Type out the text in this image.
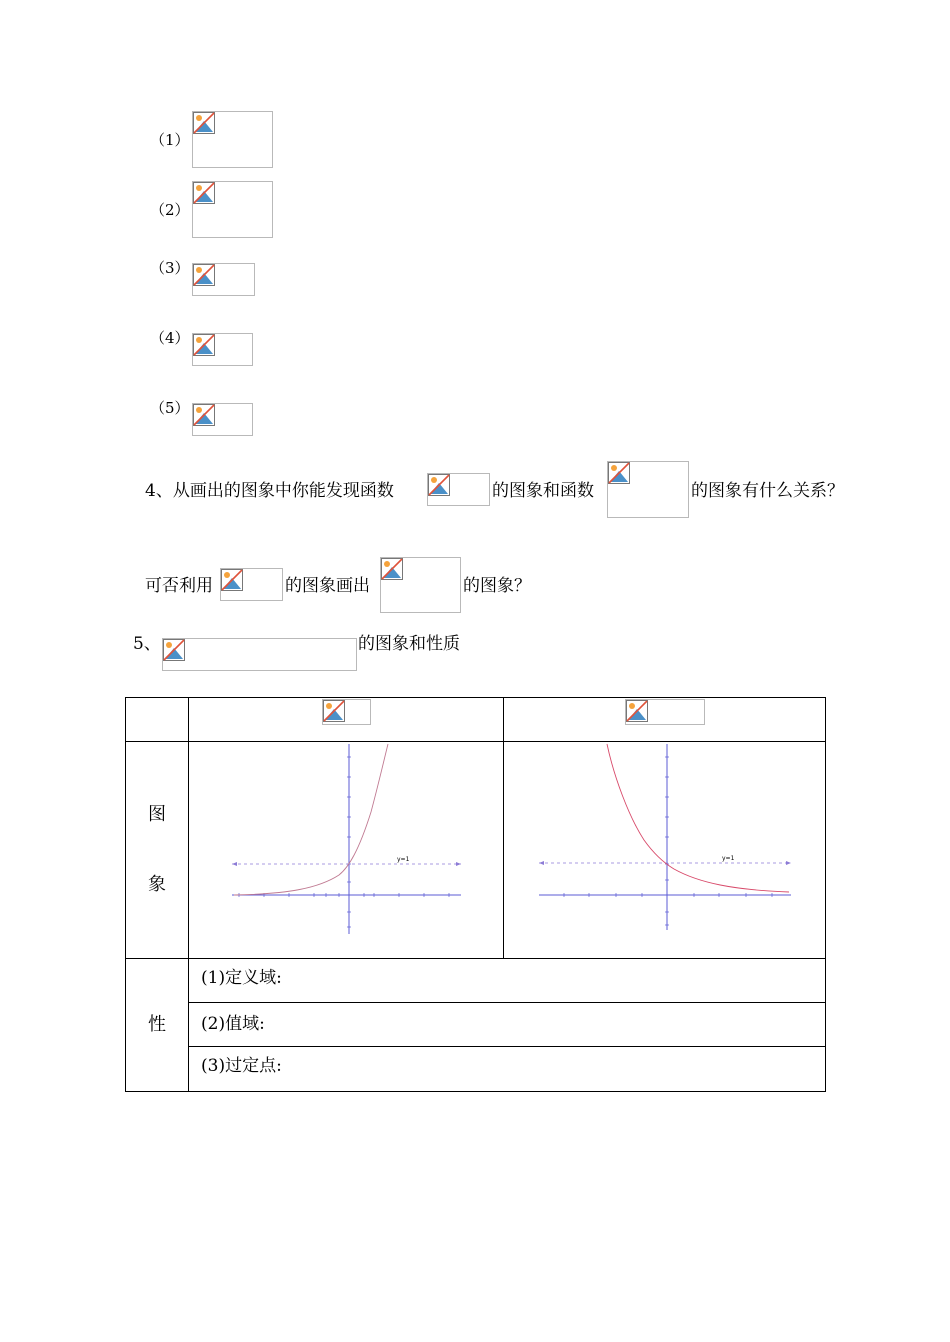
（1）
（2）
（3）
（4）
（5）
4、从画出的图象中你能发现函数	的图象和函数	的图象有什么关系？
可否利用	的图象画出	的图象？
5、	的图象和性质

图
象	y=1	y=1

性	(1)定义域:	
	(2)值域:	
	(3)过定点:	
